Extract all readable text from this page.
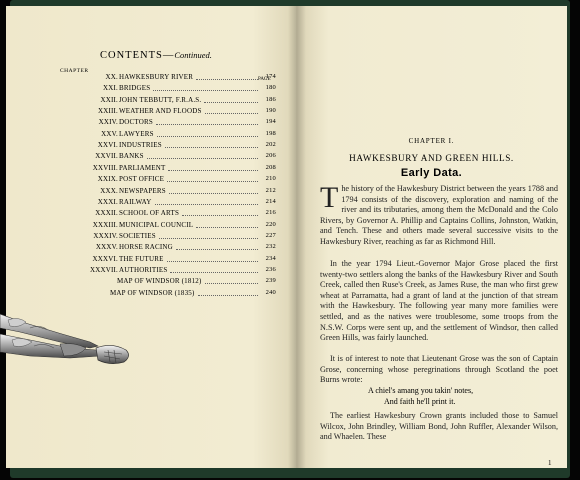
CONTENTS—Continued.
CHAPTER
PAGE
XX. HAWKESBURY RIVER	174
XXI. BRIDGES	180
XXII. JOHN TEBBUTT, F.R.A.S.	186
XXIII. WEATHER AND FLOODS	190
XXIV. DOCTORS	194
XXV. LAWYERS	198
XXVI. INDUSTRIES	202
XXVII. BANKS	206
XXVIII. PARLIAMENT	208
XXIX. POST OFFICE	210
XXX. NEWSPAPERS	212
XXXI. RAILWAY	214
XXXII. SCHOOL OF ARTS	216
XXXIII. MUNICIPAL COUNCIL	220
XXXIV. SOCIETIES	227
XXXV. HORSE RACING	232
XXXVI. THE FUTURE	234
XXXVII. AUTHORITIES	236
MAP OF WINDSOR (1812)	239
MAP OF WINDSOR (1835)	240
CHAPTER I.
HAWKESBURY AND GREEN HILLS.
Early Data.

The history of the Hawkesbury District between the years 1788 and 1794 consists of the discovery, exploration and naming of the river and its tributaries, among them the McDonald and the Colo Rivers, by Governor A. Phillip and Captains Collins, Johnston, Watkin, and Tench. These and others made several successive visits to the Hawkesbury River, reaching as far as Richmond Hill.

In the year 1794 Lieut.-Governor Major Grose placed the first twenty-two settlers along the banks of the Hawkesbury River and South Creek, called then Ruse's Creek, as James Ruse, the man who first grew wheat at Parramatta, had a grant of land at the junction of that stream with the Hawkesbury. The following year many more families were settled, and as the natives were troublesome, some troops from the N.S.W. Corps were sent up, and the settlement of Windsor, then called Green Hills, was fairly launched.
It is of interest to note that Lieutenant Grose was the son of Captain Grose, concerning whose peregrinations through Scotland the poet Burns wrote:
A chiel's amang you takin' notes,
And faith he'll print it.
The earliest Hawkesbury Crown grants included those to Samuel Wilcox, John Brindley, William Bond, John Ruffler, Alexander Wilson, and Whaelen. These
1
